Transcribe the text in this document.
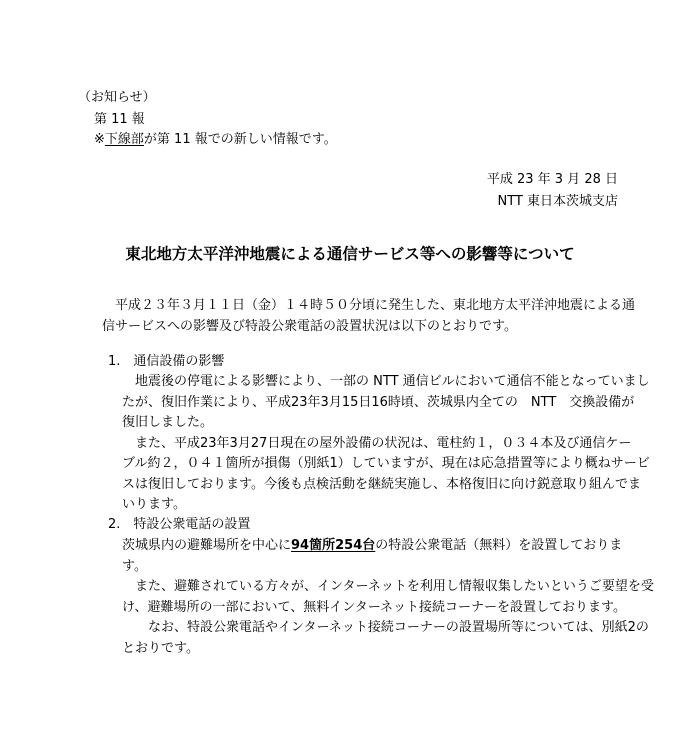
（お知らせ）
第 11 報
※下線部が第 11 報での新しい情報です。
平成 23 年 3 月 28 日
NTT 東日本茨城支店
東北地方太平洋沖地震による通信サービス等への影響等について
平成２３年３月１１日（金）１４時５０分頃に発生した、東北地方太平洋沖地震による通
信サービスへの影響及び特設公衆電話の設置状況は以下のとおりです。
1.　通信設備の影響
地震後の停電による影響により、一部の NTT 通信ビルにおいて通信不能となっていまし
たが、復旧作業により、平成23年3月15日16時頃、茨城県内全ての　NTT　交換設備が
復旧しました。
また、平成23年3月27日現在の屋外設備の状況は、電柱約１，０３４本及び通信ケー
ブル約２，０４１箇所が損傷（別紙1）していますが、現在は応急措置等により概ねサービ
スは復旧しております。今後も点検活動を継続実施し、本格復旧に向け鋭意取り組んでま
いります。
2.　特設公衆電話の設置
茨城県内の避難場所を中心に94箇所254台の特設公衆電話（無料）を設置しておりま
す。
また、避難されている方々が、インターネットを利用し情報収集したいというご要望を受
け、避難場所の一部において、無料インターネット接続コーナーを設置しております。
なお、特設公衆電話やインターネット接続コーナーの設置場所等については、別紙2の
とおりです。
